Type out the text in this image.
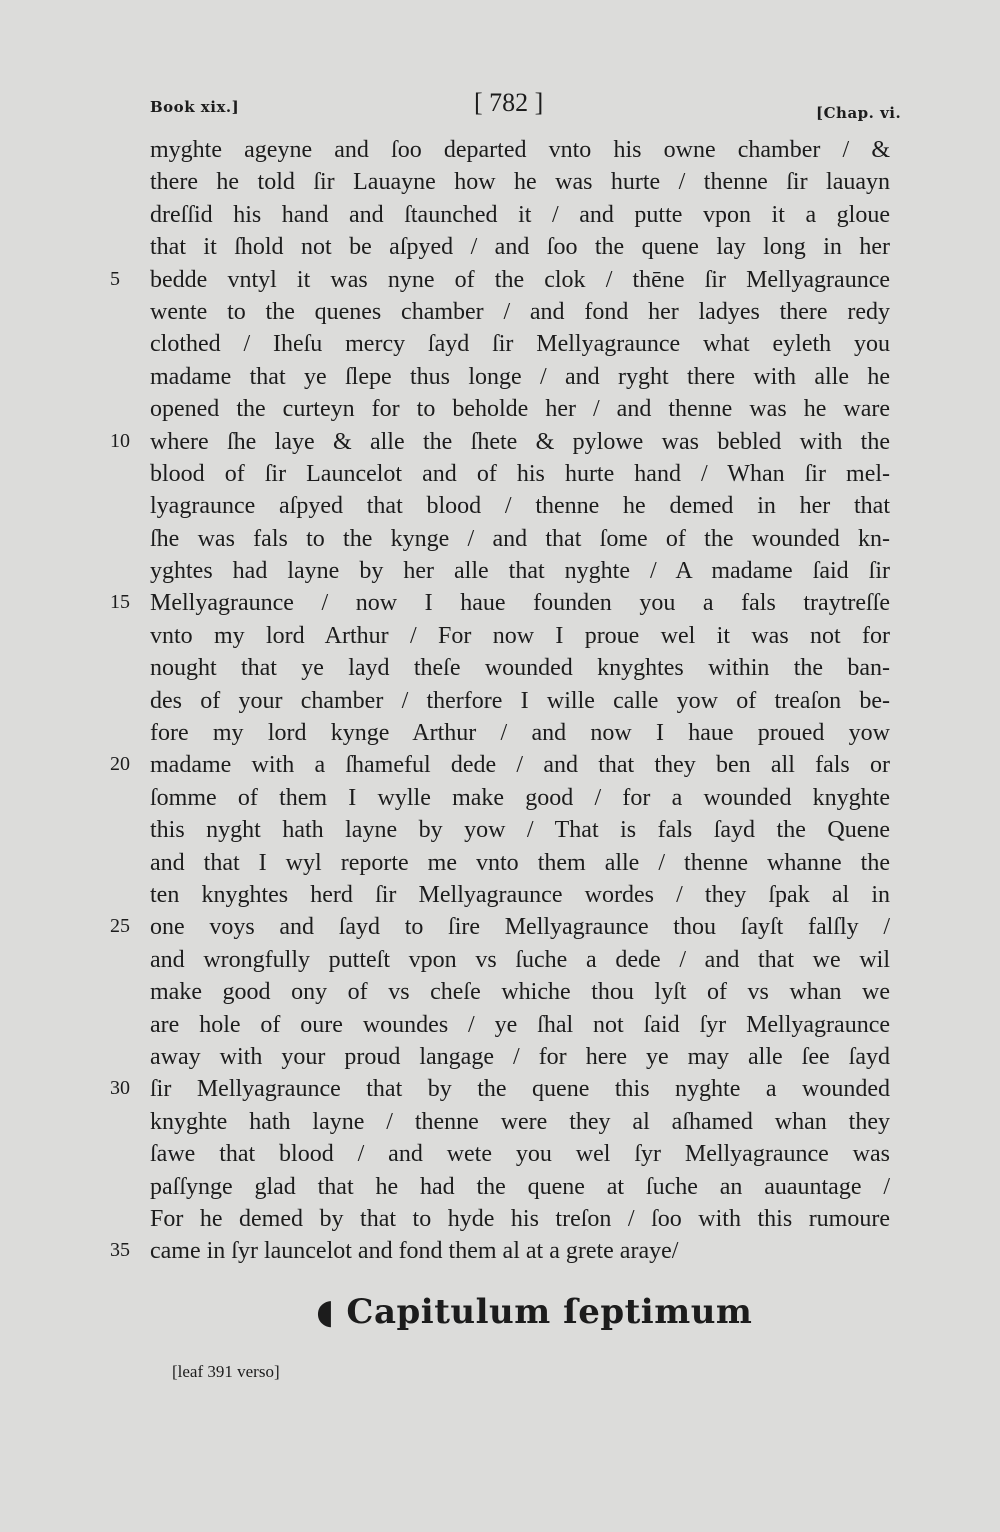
Book xix.]	[ 782 ]	[Chap. vi.
myghte ageyne and ſoo departed vnto his owne chamber / &
there he told ſir Lauayne how he was hurte / thenne ſir lauayn
dreſſid his hand and ſtaunched it / and putte vpon it a gloue
that it ſhold not be aſpyed / and ſoo the quene lay long in her
5	bedde vntyl it was nyne of the clok / thēne ſir Mellyagraunce
wente to the quenes chamber / and fond her ladyes there redy
clothed / Iheſu mercy ſayd ſir Mellyagraunce what eyleth you
madame that ye ſlepe thus longe / and ryght there with alle he
opened the curteyn for to beholde her / and thenne was he ware
10 where ſhe laye & alle the ſhete & pylowe was bebled with the
blood of ſir Launcelot and of his hurte hand / Whan ſir mel-
lyagraunce aſpyed that blood / thenne he demed in her that
ſhe was fals to the kynge / and that ſome of the wounded kn-
yghtes had layne by her alle that nyghte / A madame ſaid ſir
15 Mellyagraunce / now I haue founden you a fals traytreſſe
vnto my lord Arthur / For now I proue wel it was not for
nought that ye layd theſe wounded knyghtes within the ban-
des of your chamber / therfore I wille calle yow of treaſon be-
fore my lord kynge Arthur / and now I haue proued yow
20 madame with a ſhameful dede / and that they ben all fals or
ſomme of them I wylle make good / for a wounded knyghte
this nyght hath layne by yow / That is fals ſayd the Quene
and that I wyl reporte me vnto them alle / thenne whanne the
ten knyghtes herd ſir Mellyagraunce wordes / they ſpak al in
25 one voys and ſayd to ſire Mellyagraunce thou ſayſt falſly /
and wrongfully putteſt vpon vs ſuche a dede / and that we wil
make good ony of vs cheſe whiche thou lyſt of vs whan we
are hole of oure woundes / ye ſhal not ſaid ſyr Mellyagraunce
away with your proud langage / for here ye may alle ſee ſayd
30 ſir Mellyagraunce that by the quene this nyghte a wounded
knyghte hath layne / thenne were they al aſhamed whan they
ſawe that blood / and wete you wel ſyr Mellyagraunce was
paſſynge glad that he had the quene at ſuche an auauntage /
For he demed by that to hyde his treſon / ſoo with this rumoure
35 came in ſyr launcelot and fond them al at a grete araye/
◖ Capitulum ſeptimum
[leaf 391 verso]
